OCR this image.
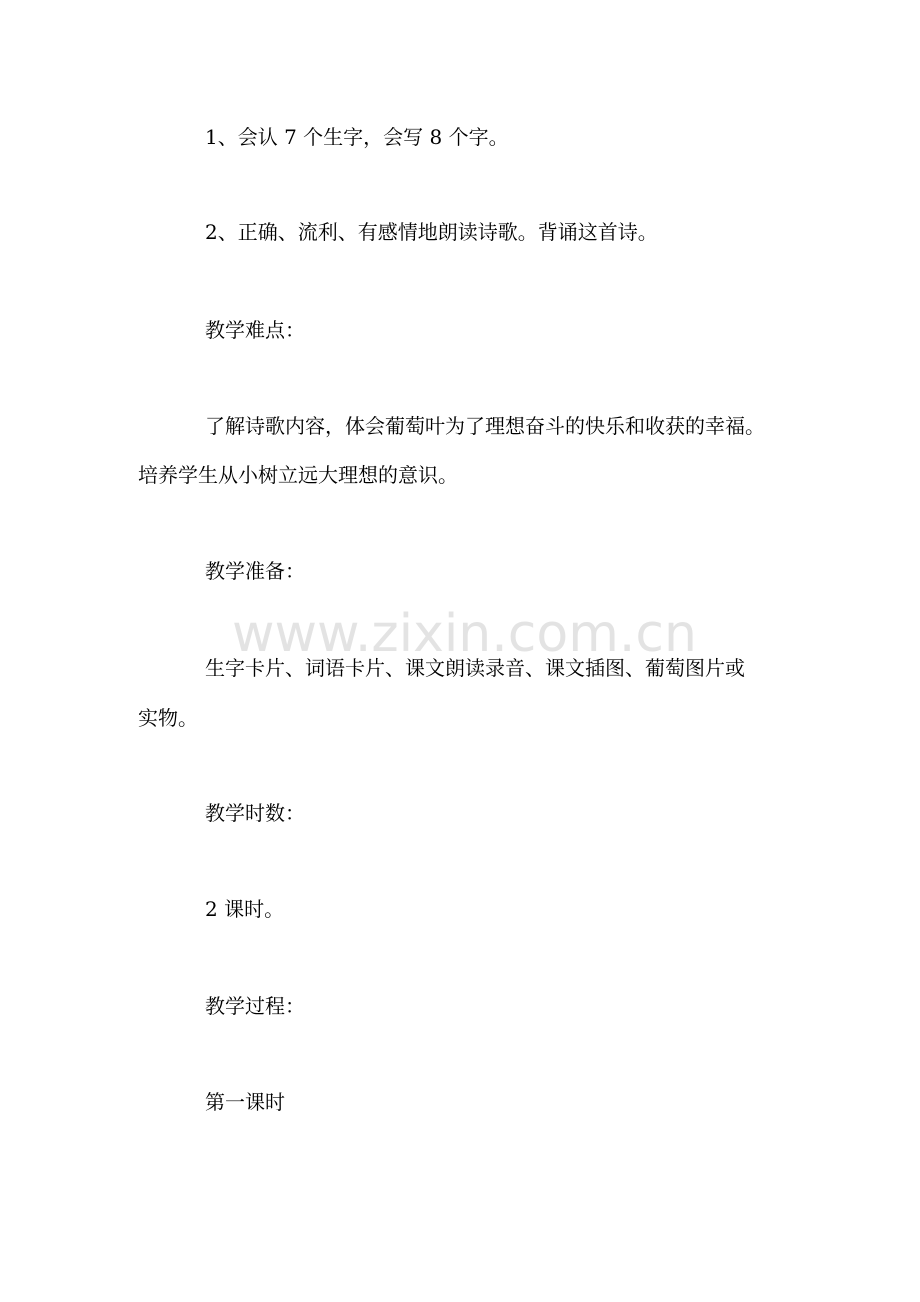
www.zixin.com.cn

1、会认 7 个生字，会写 8 个字。

2、正确、流利、有感情地朗读诗歌。背诵这首诗。

教学难点：

了解诗歌内容，体会葡萄叶为了理想奋斗的快乐和收获的幸福。

培养学生从小树立远大理想的意识。

教学准备：

生字卡片、词语卡片、课文朗读录音、课文插图、葡萄图片或

实物。

教学时数：

2 课时。

教学过程：

第一课时
